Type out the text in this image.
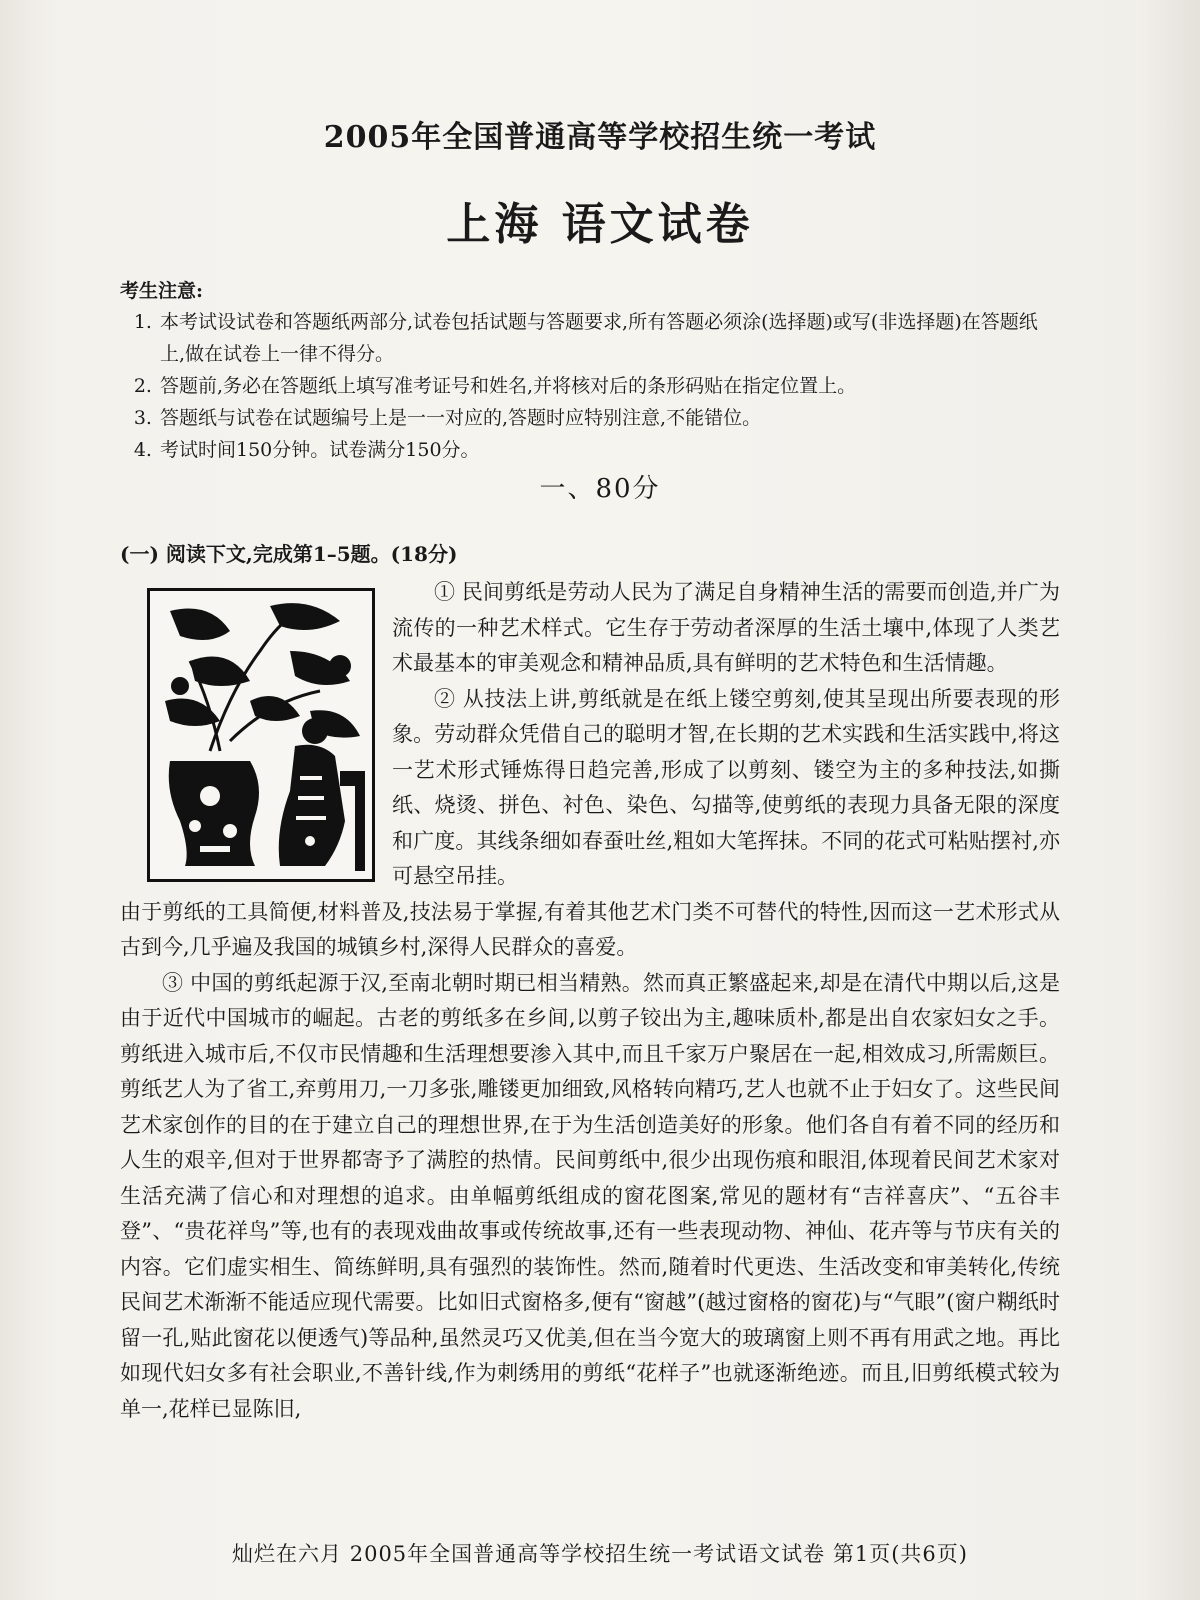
2005年全国普通高等学校招生统一考试
上海 语文试卷
考生注意:
1. 本考试设试卷和答题纸两部分,试卷包括试题与答题要求,所有答题必须涂(选择题)或写(非选择题)在答题纸上,做在试卷上一律不得分。
2. 答题前,务必在答题纸上填写准考证号和姓名,并将核对后的条形码贴在指定位置上。
3. 答题纸与试卷在试题编号上是一一对应的,答题时应特别注意,不能错位。
4. 考试时间150分钟。试卷满分150分。
一、80分
(一) 阅读下文,完成第1–5题。(18分)

① 民间剪纸是劳动人民为了满足自身精神生活的需要而创造,并广为流传的一种艺术样式。它生存于劳动者深厚的生活土壤中,体现了人类艺术最基本的审美观念和精神品质,具有鲜明的艺术特色和生活情趣。

② 从技法上讲,剪纸就是在纸上镂空剪刻,使其呈现出所要表现的形象。劳动群众凭借自己的聪明才智,在长期的艺术实践和生活实践中,将这一艺术形式锤炼得日趋完善,形成了以剪刻、镂空为主的多种技法,如撕纸、烧烫、拼色、衬色、染色、勾描等,使剪纸的表现力具备无限的深度和广度。其线条细如春蚕吐丝,粗如大笔挥抹。不同的花式可粘贴摆衬,亦可悬空吊挂。

由于剪纸的工具简便,材料普及,技法易于掌握,有着其他艺术门类不可替代的特性,因而这一艺术形式从古到今,几乎遍及我国的城镇乡村,深得人民群众的喜爱。

③ 中国的剪纸起源于汉,至南北朝时期已相当精熟。然而真正繁盛起来,却是在清代中期以后,这是由于近代中国城市的崛起。古老的剪纸多在乡间,以剪子铰出为主,趣味质朴,都是出自农家妇女之手。剪纸进入城市后,不仅市民情趣和生活理想要渗入其中,而且千家万户聚居在一起,相效成习,所需颇巨。剪纸艺人为了省工,弃剪用刀,一刀多张,雕镂更加细致,风格转向精巧,艺人也就不止于妇女了。这些民间艺术家创作的目的在于建立自己的理想世界,在于为生活创造美好的形象。他们各自有着不同的经历和人生的艰辛,但对于世界都寄予了满腔的热情。民间剪纸中,很少出现伤痕和眼泪,体现着民间艺术家对生活充满了信心和对理想的追求。由单幅剪纸组成的窗花图案,常见的题材有“吉祥喜庆”、“五谷丰登”、“贵花祥鸟”等,也有的表现戏曲故事或传统故事,还有一些表现动物、神仙、花卉等与节庆有关的内容。它们虚实相生、简练鲜明,具有强烈的装饰性。然而,随着时代更迭、生活改变和审美转化,传统民间艺术渐渐不能适应现代需要。比如旧式窗格多,便有“窗越”(越过窗格的窗花)与“气眼”(窗户糊纸时留一孔,贴此窗花以便透气)等品种,虽然灵巧又优美,但在当今宽大的玻璃窗上则不再有用武之地。再比如现代妇女多有社会职业,不善针线,作为刺绣用的剪纸“花样子”也就逐渐绝迹。而且,旧剪纸模式较为单一,花样已显陈旧,

灿烂在六月 2005年全国普通高等学校招生统一考试语文试卷 第1页(共6页)
